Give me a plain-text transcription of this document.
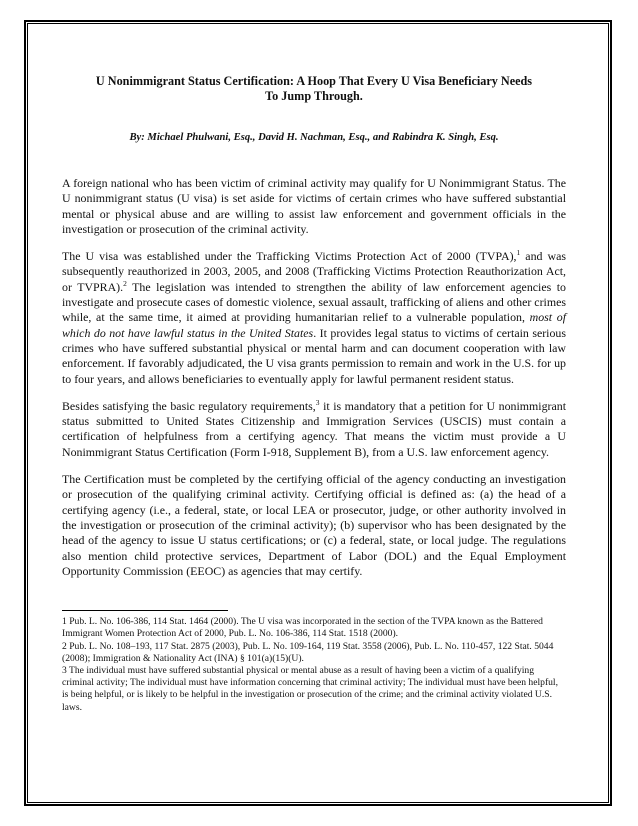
U Nonimmigrant Status Certification: A Hoop That Every U Visa Beneficiary Needs To Jump Through.

By: Michael Phulwani, Esq., David H. Nachman, Esq., and Rabindra K. Singh, Esq.

A foreign national who has been victim of criminal activity may qualify for U Nonimmigrant Status. The U nonimmigrant status (U visa) is set aside for victims of certain crimes who have suffered substantial mental or physical abuse and are willing to assist law enforcement and government officials in the investigation or prosecution of the criminal activity.

The U visa was established under the Trafficking Victims Protection Act of 2000 (TVPA),$^1$ and was subsequently reauthorized in 2003, 2005, and 2008 (Trafficking Victims Protection Reauthorization Act, or TVPRA).$^2$ The legislation was intended to strengthen the ability of law enforcement agencies to investigate and prosecute cases of domestic violence, sexual assault, trafficking of aliens and other crimes while, at the same time, it aimed at providing humanitarian relief to a vulnerable population, most of which do not have lawful status in the United States. It provides legal status to victims of certain serious crimes who have suffered substantial physical or mental harm and can document cooperation with law enforcement. If favorably adjudicated, the U visa grants permission to remain and work in the U.S. for up to four years, and allows beneficiaries to eventually apply for lawful permanent resident status.

Besides satisfying the basic regulatory requirements,$^3$ it is mandatory that a petition for U nonimmigrant status submitted to United States Citizenship and Immigration Services (USCIS) must contain a certification of helpfulness from a certifying agency. That means the victim must provide a U Nonimmigrant Status Certification (Form I-918, Supplement B), from a U.S. law enforcement agency.

The Certification must be completed by the certifying official of the agency conducting an investigation or prosecution of the qualifying criminal activity. Certifying official is defined as: (a) the head of a certifying agency (i.e., a federal, state, or local LEA or prosecutor, judge, or other authority involved in the investigation or prosecution of the criminal activity); (b) supervisor who has been designated by the head of the agency to issue U status certifications; or (c) a federal, state, or local judge. The regulations also mention child protective services, Department of Labor (DOL) and the Equal Employment Opportunity Commission (EEOC) as agencies that may certify.

1 Pub. L. No. 106-386, 114 Stat. 1464 (2000). The U visa was incorporated in the section of the TVPA known as the Battered Immigrant Women Protection Act of 2000, Pub. L. No. 106-386, 114 Stat. 1518 (2000).

2 Pub. L. No. 108–193, 117 Stat. 2875 (2003), Pub. L. No. 109-164, 119 Stat. 3558 (2006), Pub. L. No. 110-457, 122 Stat. 5044 (2008); Immigration & Nationality Act (INA) § 101(a)(15)(U).

3 The individual must have suffered substantial physical or mental abuse as a result of having been a victim of a qualifying criminal activity; The individual must have information concerning that criminal activity; The individual must have been helpful, is being helpful, or is likely to be helpful in the investigation or prosecution of the crime; and the criminal activity violated U.S. laws.
